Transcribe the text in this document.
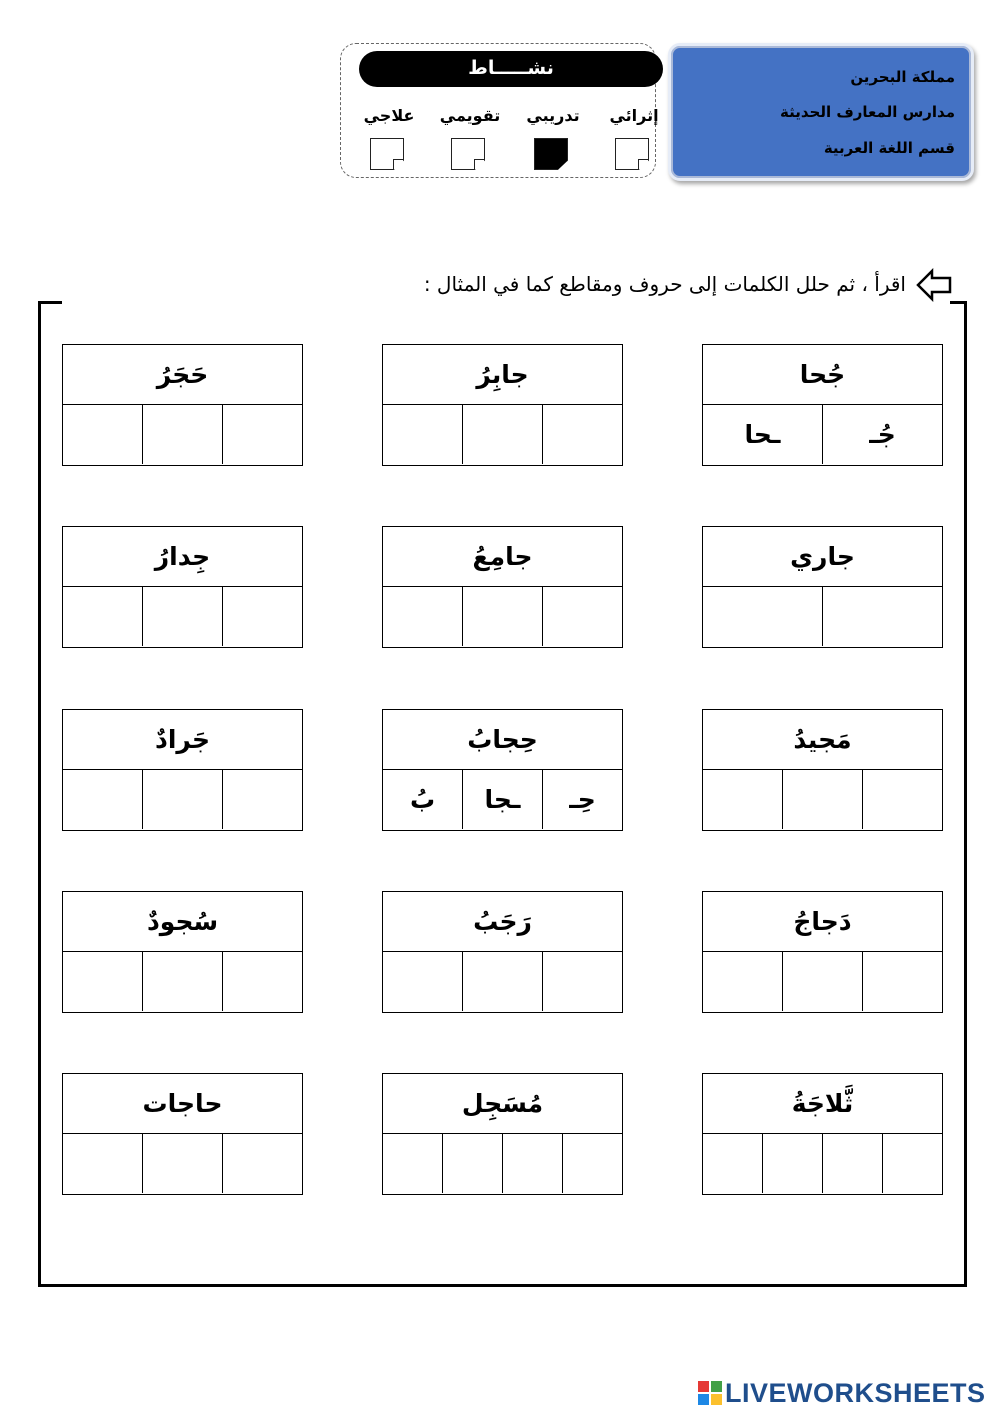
مملكة البحرين
مدارس المعارف الحديثة
قسم اللغة العربية
نشـــــاط
إثرائي
تدريبي
تقويمي
علاجي
اقرأ ، ثم حلل الكلمات إلى حروف ومقاطع كما في المثال :
جُحا
جُـ
ـحا
جابِرُ
حَجَرُ
جاري
جامِعُ
جِدارُ
مَجيدُ
حِجابُ
حِـ
ـجا
بُ
جَرادٌ
دَجاجُ
رَجَبُ
سُجودٌ
ثَّلاجَةُ
مُسَجِل
حاجات
LIVEWORKSHEETS
